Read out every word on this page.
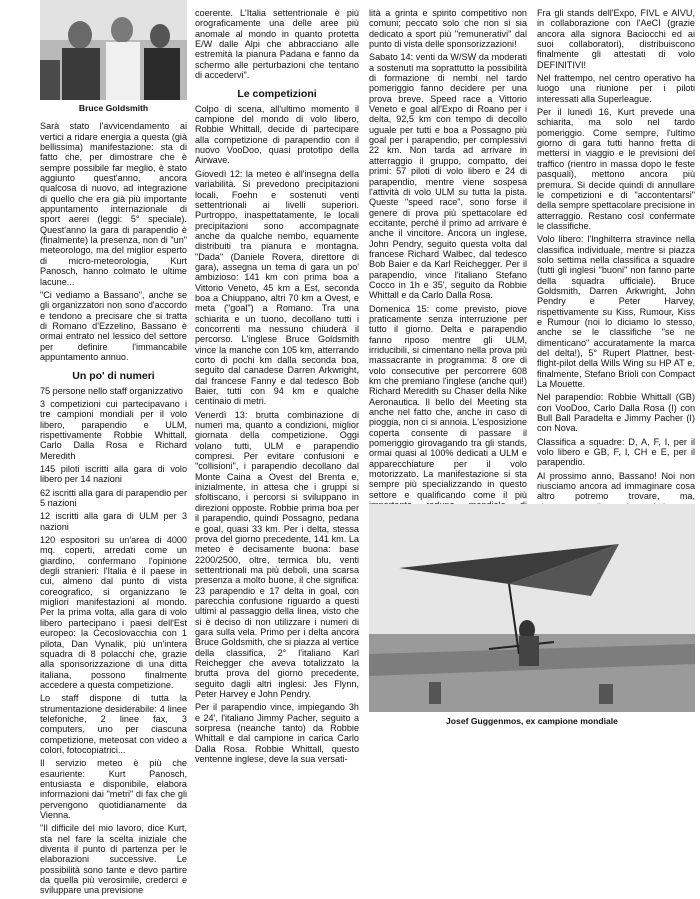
Bruce Goldsmith

Sarà stato l'avvicendamento ai vertici a ridare energia a questa (già bellissima) manifestazione: sta di fatto che, per dimostrare che è sempre possibile far meglio, è stato aggiunto quest'anno, ancora qualcosa di nuovo, ad integrazione di quello che era già più importante appuntamento internazionale di sport aerei (leggi: 5° speciale). Quest'anno la gara di parapendio è (finalmente) la presenza, non di "un" meteorologo, ma del miglior esperto di micro-meteorologia, Kurt Panosch, hanno colmato le ultime lacune...

"Ci vediamo a Bassano", anche se gli organizzatori non sono d'accordo e tendono a precisare che si tratta di Romano d'Ezzelino, Bassano è ormai entrato nel lessico del settore per definire l'immancabile appuntamento annuo.

Un po' di numeri

75 persone nello staff organizzativo

3 competizioni cui partecipavano i tre campioni mondiali per il volo libero, parapendio e ULM, rispettivamente Robbie Whittall, Carlo Dalla Rosa e Richard Meredith

145 piloti iscritti alla gara di volo libero per 14 nazioni

62 iscritti alla gara di parapendio per 5 nazioni

12 iscritti alla gara di ULM per 3 nazioni

120 espositori su un'area di 4000 mq. coperti, arredati come un giardino, confermano l'opinione degli stranieri: l'Italia è il paese in cui, almeno dal punto di vista coreografico, si organizzano le migliori manifestazioni al mondo. Per la prima volta, alla gara di volo libero partecipano i paesi dell'Est europeo: la Cecoslovacchia con 1 pilota, Dan Vynalik, più un'intera squadra di 8 polacchi che, grazie alla sponsorizzazione di una ditta italiana, possono finalmente accedere a questa competizione.

Lo staff dispone di tutta la strumentazione desiderabile: 4 linee telefoniche, 2 linee fax, 3 computers, uno per ciascuna competizione, meteosat con video a colori, fotocopiatrici...

Il servizio meteo è più che esauriente: Kurt Panosch, entusiasta e disponibile, elabora informazioni dai "metri" di fax che gli pervengono quotidianamente da Vienna.

"Il difficile del mio lavoro, dice Kurt, sta nel fare la scelta iniziale che diventa il punto di partenza per le elaborazioni successive. Le possibilità sono tante e devo partire da quella più verosimile, crederci e sviluppare una previsione

coerente. L'Italia settentrionale è più orograficamente una delle aree più anomale al mondo in quanto protetta E/W dalle Alpi che abbracciano alle estremità la pianura Padana e fanno da schermo alle perturbazioni che tentano di accedervi".

Le competizioni

Colpo di scena, all'ultimo momento il campione del mondo di volo libero, Robbie Whittall, decide di partecipare alla competizione di parapendio con il nuovo VooDoo, quasi prototipo della Airwave.

Giovedì 12: la meteo è all'insegna della variabilità. Si prevedono precipitazioni locali, Foehn e sostenuti venti settentrionali ai livelli superiori. Purtroppo, inaspettatamente, le locali precipitazioni sono accompagnate anche da qualche nembo, equamente distribuiti tra pianura e montagna. "Dada" (Daniele Rovera, direttore di gara), assegna un tema di gara un po' ambizioso: 141 km con prima boa a Vittorio Veneto, 45 km a Est, seconda boa a Chiuppano, altri 70 km a Ovest, e meta ("goal") a Romano. Tra una schiarita e un tuono, decollano tutti i concorrenti ma nessuno chiuderà il percorso. L'inglese Bruce Goldsmith vince la manche con 105 km, atterrando corto di pochi km dalla seconda boa, seguito dal canadese Darren Arkwright, dal francese Fanny e dal tedesco Bob Baier, tutti con 94 km e qualche centinaio di metri.

Venerdì 13: brutta combinazione di numeri ma, quanto a condizioni, miglior giornata della competizione. Oggi volano tutti, ULM e parapendio compresi. Per evitare confusioni e "collisioni", i parapendio decollano dal Monte Caina a Ovest del Brenta e, inizialmente, in attesa che i gruppi si sfoltiscano, i percorsi si sviluppano in direzioni opposte. Robbie prima boa per il parapendio, quindi Possagno, pedana e goal, quasi 33 km. Per i delta, stessa prova del giorno precedente, 141 km. La meteo è decisamente buona: base 2200/2500, oltre, termica blu, venti settentrionali ma più deboli, una scarsa presenza a molto buone, il che significa: 23 parapendio e 17 delta in goal, con parecchia confusione riguardo a questi ultimi al passaggio della linea, visto che si è deciso di non utilizzare i numeri di gara sulla vela. Primo per i delta ancora Bruce Goldsmith, che si piazza al vertice della classifica, 2° l'italiano Karl Reichegger che aveva totalizzato la brutta prova del giorno precedente, seguito dagli altri inglesi: Jes Flynn, Peter Harvey e John Pendry.

Per il parapendio vince, impiegando 3h e 24', l'italiano Jimmy Pacher, seguito a sorpresa (neanche tanto) da Robbie Whittall e dal campione in carica Carlo Dalla Rosa. Robbie Whittall, questo ventenne inglese, deve la sua versati-

lità a grinta e spirito competitivo non comuni; peccato solo che non si sia dedicato a sport più "remunerativi" dal punto di vista delle sponsorizzazioni!

Sabato 14: venti da W/SW da moderati a sostenuti ma soprattutto la possibilità di formazione di nembi nel tardo pomeriggio fanno decidere per una prova breve. Speed race a Vittorio Veneto e goal all'Expo di Roano per i delta, 92,5 km con tempo di decollo uguale per tutti e boa a Possagno più goal per i parapendio, per complessivi 22 km. Non tarda ad arrivare in atterraggio il gruppo, compatto, dei primi: 57 piloti di volo libero e 24 di parapendio, mentre viene sospesa l'attività di volo ULM su tutta la pista. Queste "speed race", sono forse il genere di prova più spettacolare ed eccitante, perché il primo ad arrivare è anche il vincitore. Ancora un inglese, John Pendry, seguito questa volta dal francese Richard Walbec, dal tedesco Bob Baier e da Karl Reichegger. Per il parapendio, vince l'italiano Stefano Cocco in 1h e 35', seguito da Robbie Whittall e da Carlo Dalla Rosa.

Domenica 15: come previsto, piove praticamente senza interruzione per tutto il giorno. Delta e parapendio fanno riposo mentre gli ULM, irriducibili, si cimentano nella prova più massacrante in programma: 8 ore di volo consecutive per percorrere 608 km che premiano l'inglese (anche qui!) Richard Meredith su Chaser della Nike Aeronautica. Il bello del Meeting sta anche nel fatto che, anche in caso di pioggia, non ci si annoia. L'esposizione coperta consente di passare il pomeriggio girovagando tra gli stands, ormai quasi al 100% dedicati a ULM e apparecchiature per il volo motorizzato. La manifestazione si sta sempre più specializzando in questo settore e qualificando come il più

Fra gli stands dell'Expo, FIVL e AIVU, in collaborazione con l'AeCI (grazie ancora alla signora Baciocchi ed ai suoi collaboratori), distribuiscono finalmente gli attestati di volo DEFINITIVI!

Nel frattempo, nel centro operativo ha luogo una riunione per i piloti interessati alla Superleague.

Per il lunedì 16, Kurt prevede una schiarita, ma solo nel tardo pomeriggio. Come sempre, l'ultimo giorno di gara tutti hanno fretta di mettersi in viaggio e le previsioni del traffico (rientro in massa dopo le feste pasquali), mettono ancora più premura. Si decide quindi di annullare le competizioni e di "accontentarsi" della sempre spettacolare precisione in atterraggio. Restano così confermate le classifiche.

Volo libero: l'Inghilterra stravince nella classifica individuale, mentre si piazza solo settima nella classifica a squadre (tutti gli inglesi "buoni" non fanno parte della squadra ufficiale). Bruce Goldsmith, Darren Arkwright, John Pendry e Peter Harvey, rispettivamente su Kiss, Rumour, Kiss e Rumour (noi lo diciamo lo stesso, anche se le classifiche "se ne dimenticano" accuratamente la marca del delta!), 5° Rupert Plattner, best-flight-pilot della Wills Wing su HP AT e, finalmente, Stefano Brioli con Compact La Mouette.

Nel parapendio: Robbie Whittall (GB) con VooDoo, Carlo Dalla Rosa (I) con Bull Ball Paradelta e Jimmy Pacher (I) con Nova.

Classifica a squadre: D, A, F, I, per il volo libero e GB, F, I, CH e E, per il parapendio.

Al prossimo anno, Bassano! Noi non riusciamo ancora ad immaginare cosa altro potremo trovare, ma,

Josef Guggenmos, ex campione mondiale
